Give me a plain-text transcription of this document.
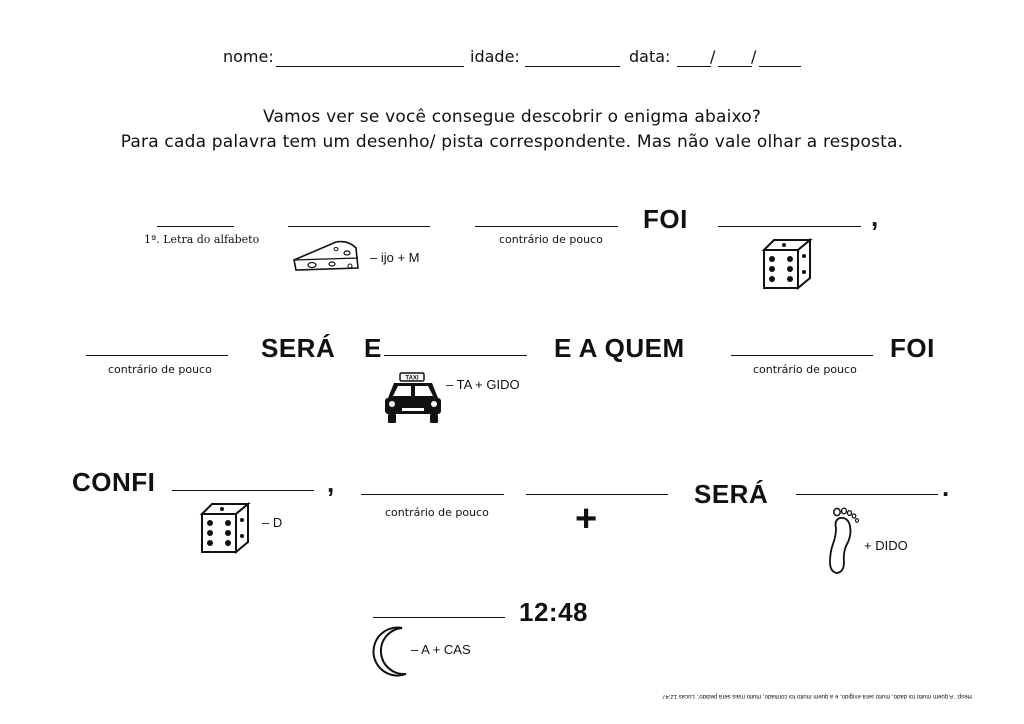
nome:	idade:	data: / /
Vamos ver se você consegue descobrir o enigma abaixo?
Para cada palavra tem um desenho/ pista correspondente. Mas não vale olhar a resposta.
1ª. Letra do alfabeto
– ijo + M
contrário de pouco
FOI	,
contrário de pouco
SERÁ E
TAXI – TA + GIDO
E A QUEM
contrário de pouco
FOI
CONFI	,
– D
contrário de pouco +
SERÁ	.
+ DIDO
12:48
– A + CAS
Resp: 'A quem muito foi dado, muito será exigido, e a quem muito foi confiado, muito mais será pedido'. Lucas 12:47
